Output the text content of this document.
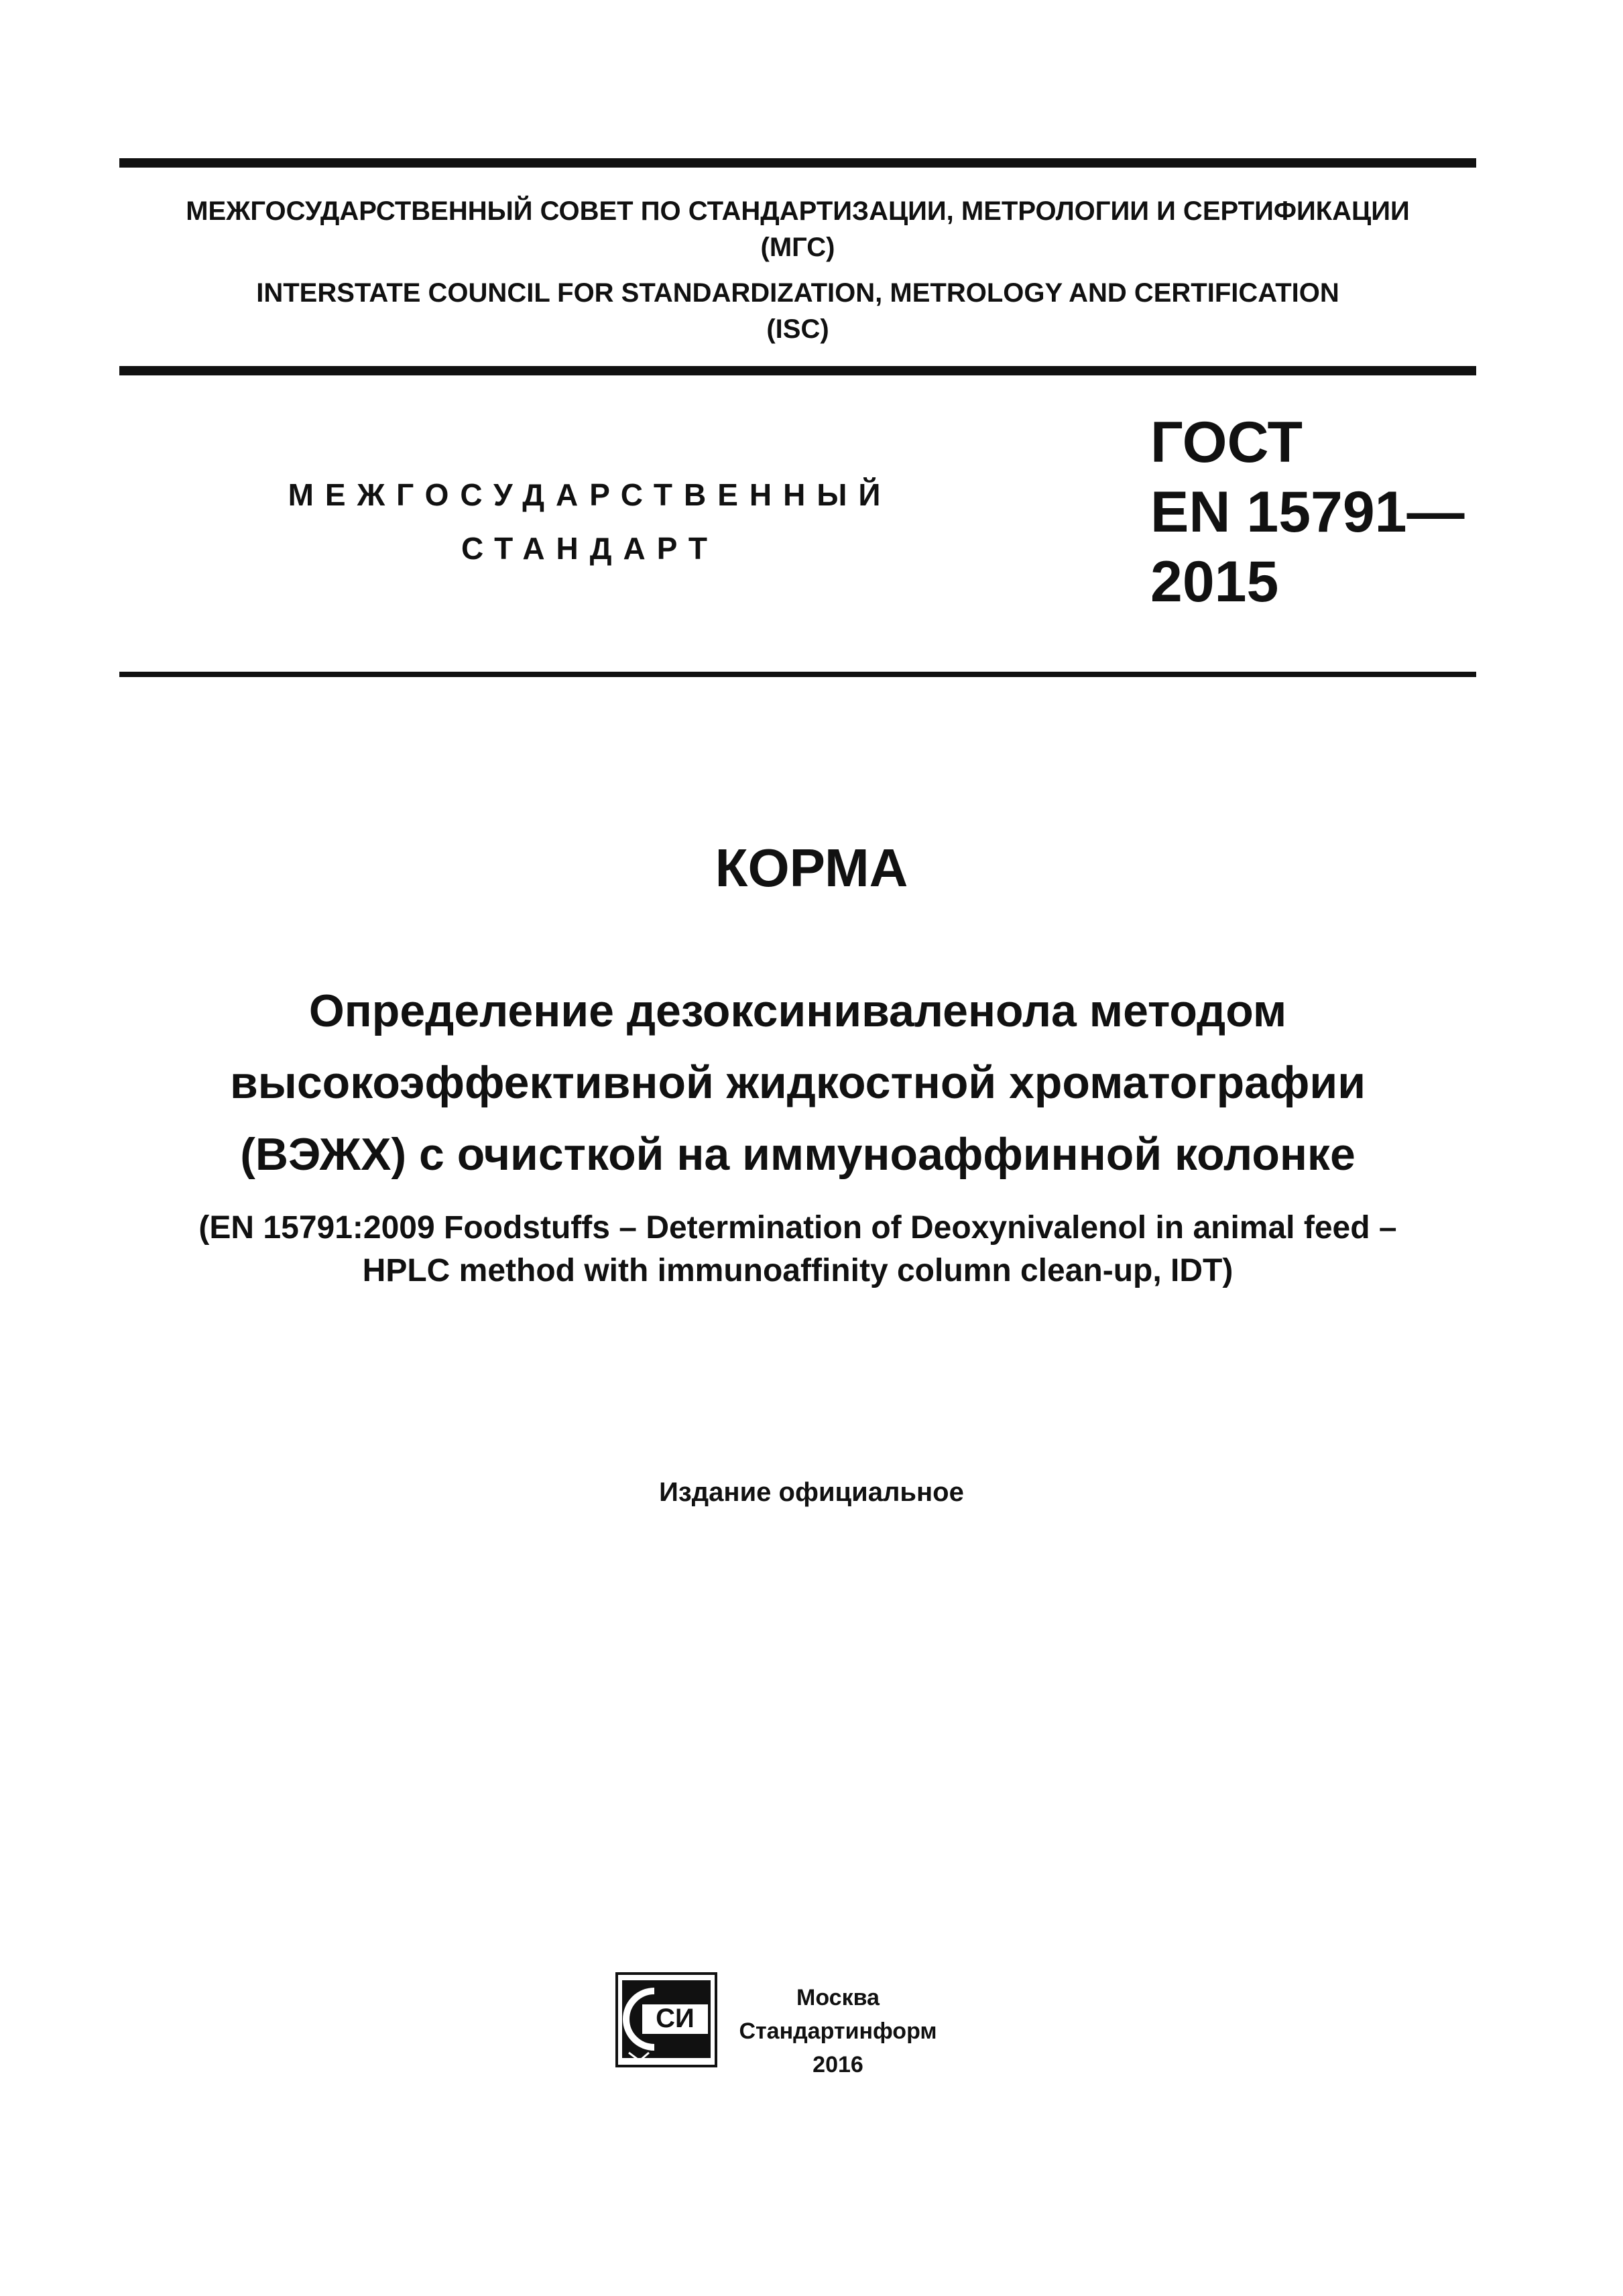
МЕЖГОСУДАРСТВЕННЫЙ СОВЕТ ПО СТАНДАРТИЗАЦИИ, МЕТРОЛОГИИ И СЕРТИФИКАЦИИ
(МГС)
INTERSTATE COUNCIL FOR STANDARDIZATION, METROLOGY AND CERTIFICATION
(ISC)
МЕЖГОСУДАРСТВЕННЫЙ
СТАНДАРТ
ГОСТ
EN 15791—
2015
КОРМА
Определение дезоксиниваленола методом
высокоэффективной жидкостной хроматографии
(ВЭЖХ) с очисткой на иммуноаффинной колонке
(EN 15791:2009 Foodstuffs – Determination of Deoxynivalenol in animal feed –
HPLC method with immunoaffinity column clean-up, IDT)
Издание официальное
СИ
Москва
Стандартинформ
2016
